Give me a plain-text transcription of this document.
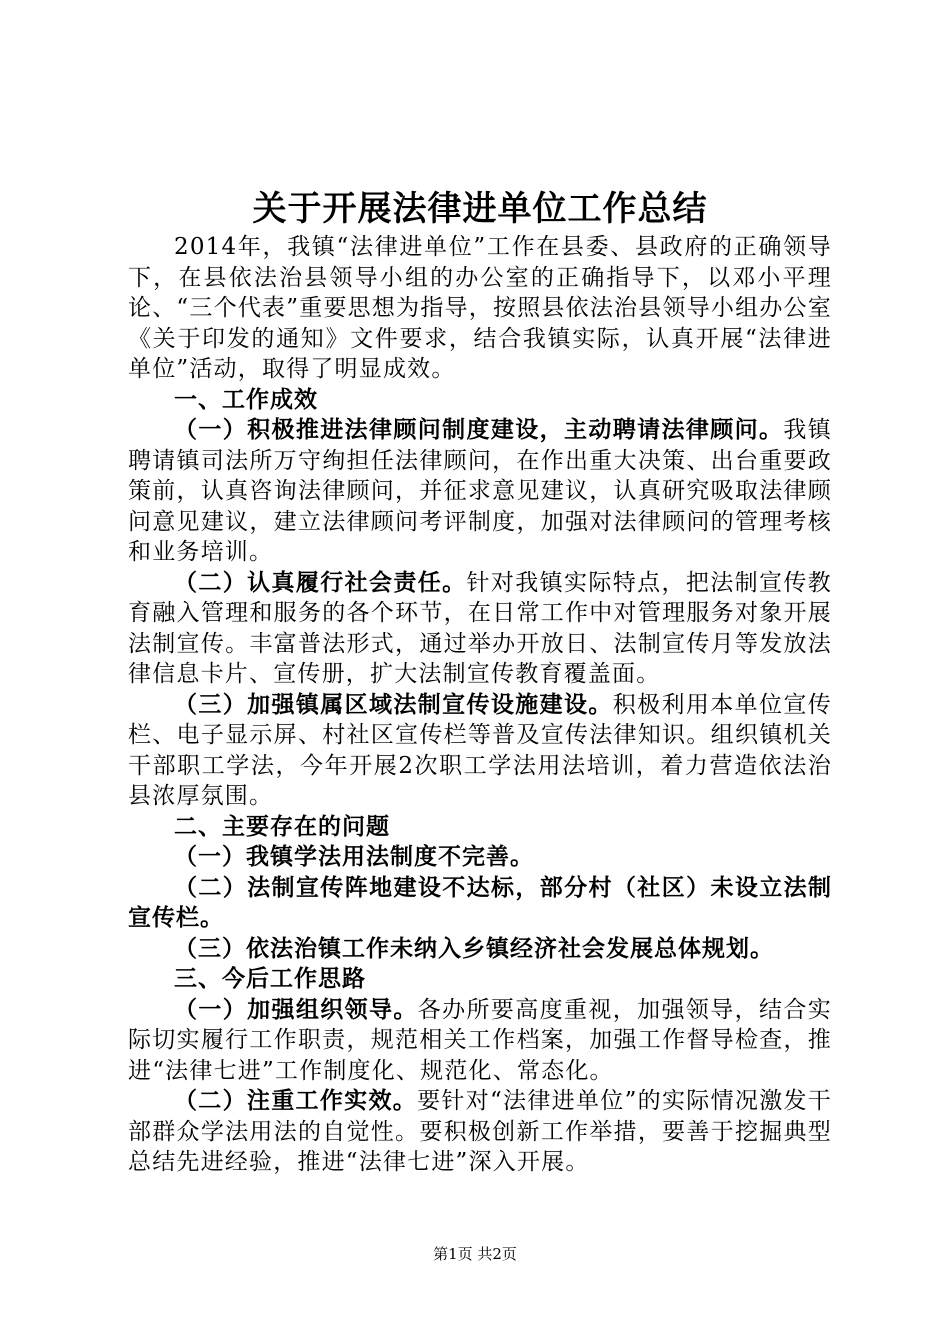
关于开展法律进单位工作总结

2014年，我镇“法律进单位”工作在县委、县政府的正确领导下，在县依法治县领导小组的办公室的正确指导下，以邓小平理论、“三个代表”重要思想为指导，按照县依法治县领导小组办公室《关于印发的通知》文件要求，结合我镇实际，认真开展“法律进单位”活动，取得了明显成效。

一、工作成效

（一）积极推进法律顾问制度建设，主动聘请法律顾问。我镇聘请镇司法所万守绚担任法律顾问，在作出重大决策、出台重要政策前，认真咨询法律顾问，并征求意见建议，认真研究吸取法律顾问意见建议，建立法律顾问考评制度，加强对法律顾问的管理考核和业务培训。

（二）认真履行社会责任。针对我镇实际特点，把法制宣传教育融入管理和服务的各个环节，在日常工作中对管理服务对象开展法制宣传。丰富普法形式，通过举办开放日、法制宣传月等发放法律信息卡片、宣传册，扩大法制宣传教育覆盖面。

（三）加强镇属区域法制宣传设施建设。积极利用本单位宣传栏、电子显示屏、村社区宣传栏等普及宣传法律知识。组织镇机关干部职工学法，今年开展2次职工学法用法培训，着力营造依法治县浓厚氛围。

二、主要存在的问题

（一）我镇学法用法制度不完善。

（二）法制宣传阵地建设不达标，部分村（社区）未设立法制宣传栏。

（三）依法治镇工作未纳入乡镇经济社会发展总体规划。

三、今后工作思路

（一）加强组织领导。各办所要高度重视，加强领导，结合实际切实履行工作职责，规范相关工作档案，加强工作督导检查，推进“法律七进”工作制度化、规范化、常态化。

（二）注重工作实效。要针对“法律进单位”的实际情况激发干部群众学法用法的自觉性。要积极创新工作举措，要善于挖掘典型总结先进经验，推进“法律七进”深入开展。

第1页 共2页
